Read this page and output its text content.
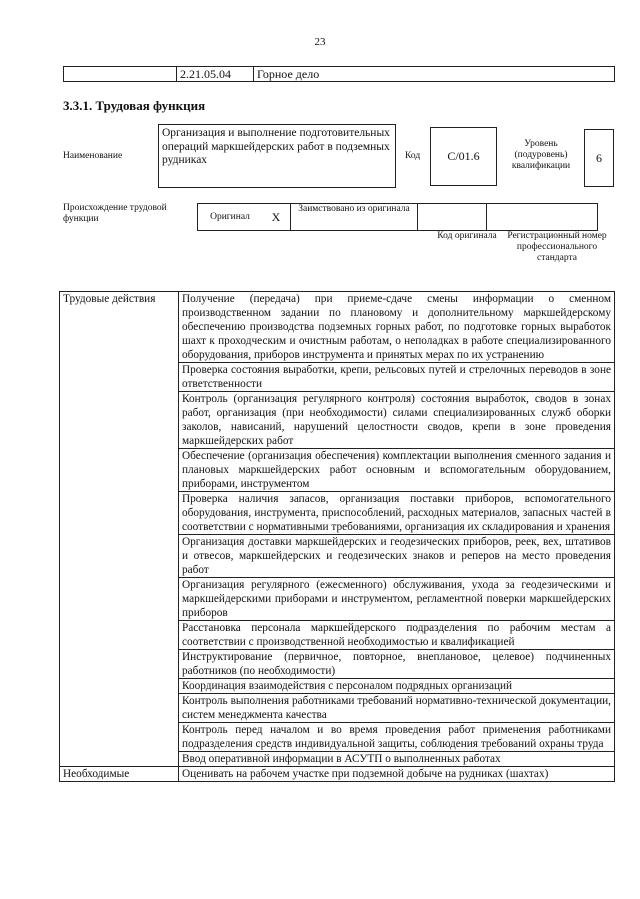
23
	2.21.05.04	Горное дело
3.3.1. Трудовая функция
Наименование
Организация и выполнение подготовительных операций маркшейдерских работ в подземных рудниках	Код	C/01.6
Уровень (подуровень) квалификации
6
Происхождение трудовой функции	Оригинал	X	Заимствовано из оригинала		
Код оригинала Регистрационный номер профессионального стандарта
Трудовые действия	Получение (передача) при приеме-сдаче смены информации о сменном производственном задании по плановому и дополнительному маркшейдерскому обеспечению производства подземных горных работ, по подготовке горных выработок шахт к проходческим и очистным работам, о неполадках в работе специализированного оборудования, приборов инструмента и принятых мерах по их устранению
	Проверка состояния выработки, крепи, рельсовых путей и стрелочных переводов в зоне ответственности
	Контроль (организация регулярного контроля) состояния выработок, сводов в зонах работ, организация (при необходимости) силами специализированных служб оборки заколов, нависаний, нарушений целостности сводов, крепи в зоне проведения маркшейдерских работ
	Обеспечение (организация обеспечения) комплектации выполнения сменного задания и плановых маркшейдерских работ основным и вспомогательным оборудованием, приборами, инструментом
	Проверка наличия запасов, организация поставки приборов, вспомогательного оборудования, инструмента, приспособлений, расходных материалов, запасных частей в соответствии с нормативными требованиями, организация их складирования и хранения
	Организация доставки маркшейдерских и геодезических приборов, реек, вех, штативов и отвесов, маркшейдерских и геодезических знаков и реперов на место проведения работ
	Организация регулярного (ежесменного) обслуживания, ухода за геодезическими и маркшейдерскими приборами и инструментом, регламентной поверки маркшейдерских приборов
	Расстановка персонала маркшейдерского подразделения по рабочим местам а соответствии с производственной необходимостью и квалификацией
	Инструктирование (первичное, повторное, внеплановое, целевое) подчиненных работников (по необходимости)
	Координация взаимодействия с персоналом подрядных организаций
	Контроль выполнения работниками требований нормативно-технической документации, систем менеджмента качества
	Контроль перед началом и во время проведения работ применения работниками подразделения средств индивидуальной защиты, соблюдения требований охраны труда
	Ввод оперативной информации в АСУТП о выполненных работах
Необходимые	Оценивать на рабочем участке при подземной добыче на рудниках (шахтах)
